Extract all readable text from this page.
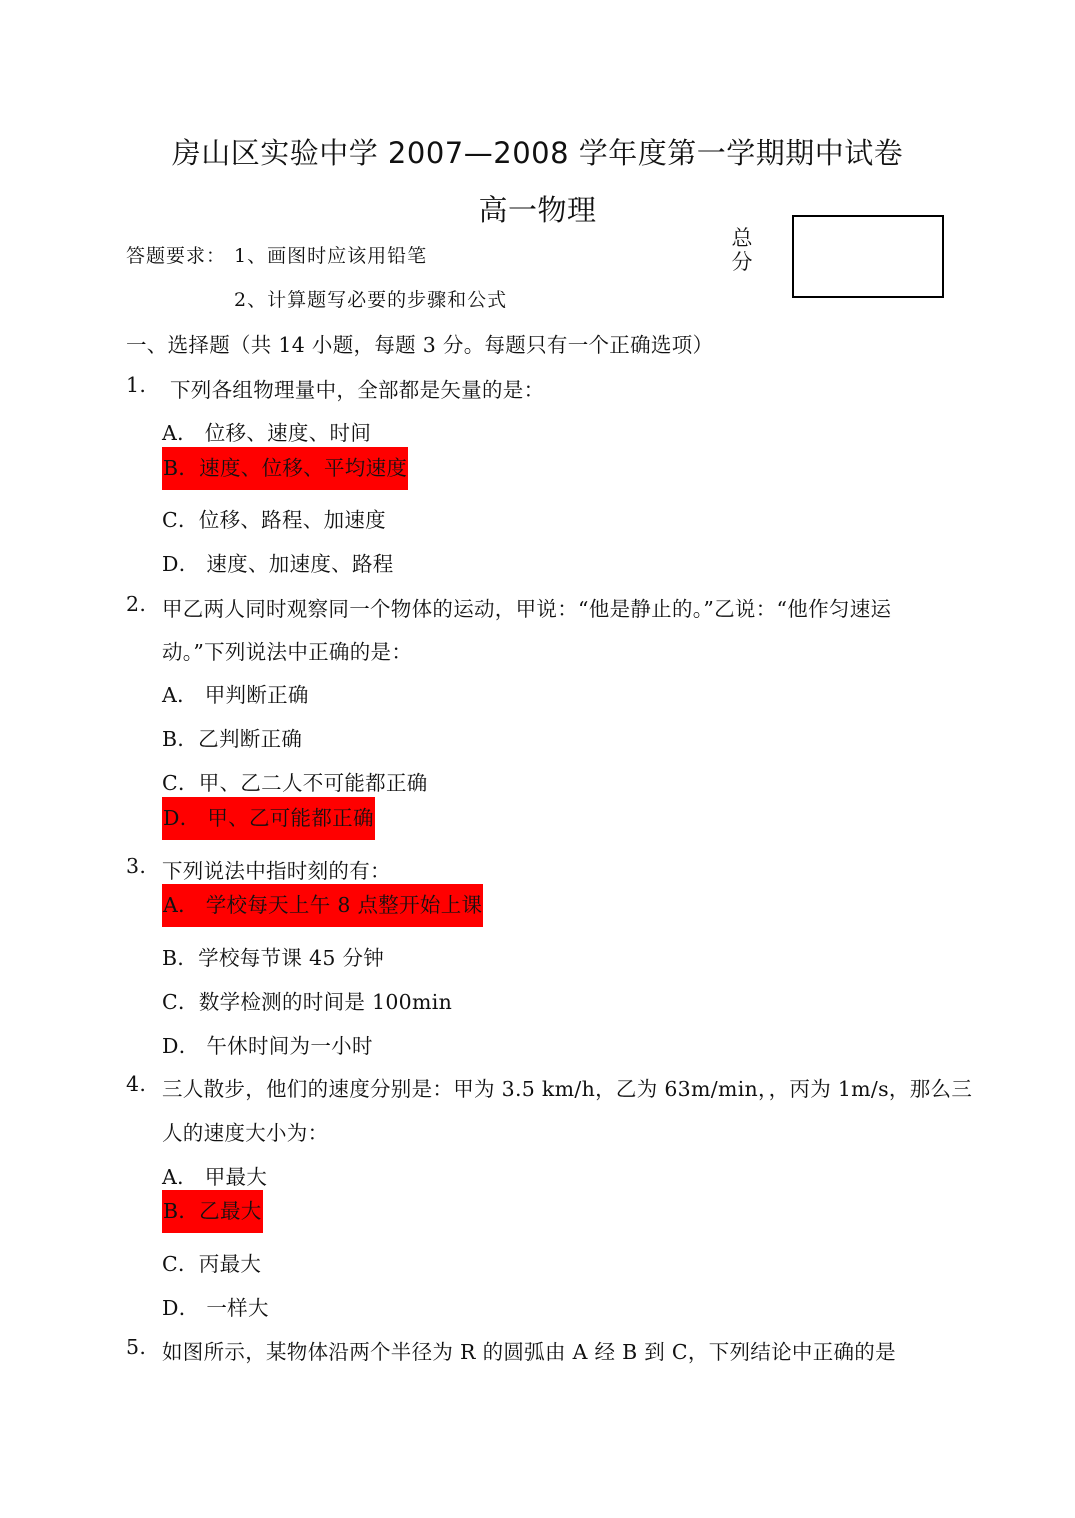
房山区实验中学 2007—2008 学年度第一学期期中试卷
高一物理
总
分
答题要求： 1、画图时应该用铅笔
2、计算题写必要的步骤和公式
一、选择题（共 14 小题，每题 3 分。每题只有一个正确选项）
1. 下列各组物理量中，全部都是矢量的是：
A． 位移、速度、时间
B．速度、位移、平均速度
C．位移、路程、加速度
D． 速度、加速度、路程
2. 甲乙两人同时观察同一个物体的运动，甲说：“他是静止的。”乙说：“他作匀速运
动。”下列说法中正确的是：
A． 甲判断正确
B．乙判断正确
C．甲、乙二人不可能都正确
D． 甲、乙可能都正确
3. 下列说法中指时刻的有：
A． 学校每天上午 8 点整开始上课
B．学校每节课 45 分钟
C．数学检测的时间是 100min
D． 午休时间为一小时
4. 三人散步，他们的速度分别是：甲为 3.5 km/h，乙为 63m/min，，丙为 1m/s，那么三
人的速度大小为：
A． 甲最大
B．乙最大
C．丙最大
D． 一样大
5. 如图所示，某物体沿两个半径为 R 的圆弧由 A 经 B 到 C，下列结论中正确的是
